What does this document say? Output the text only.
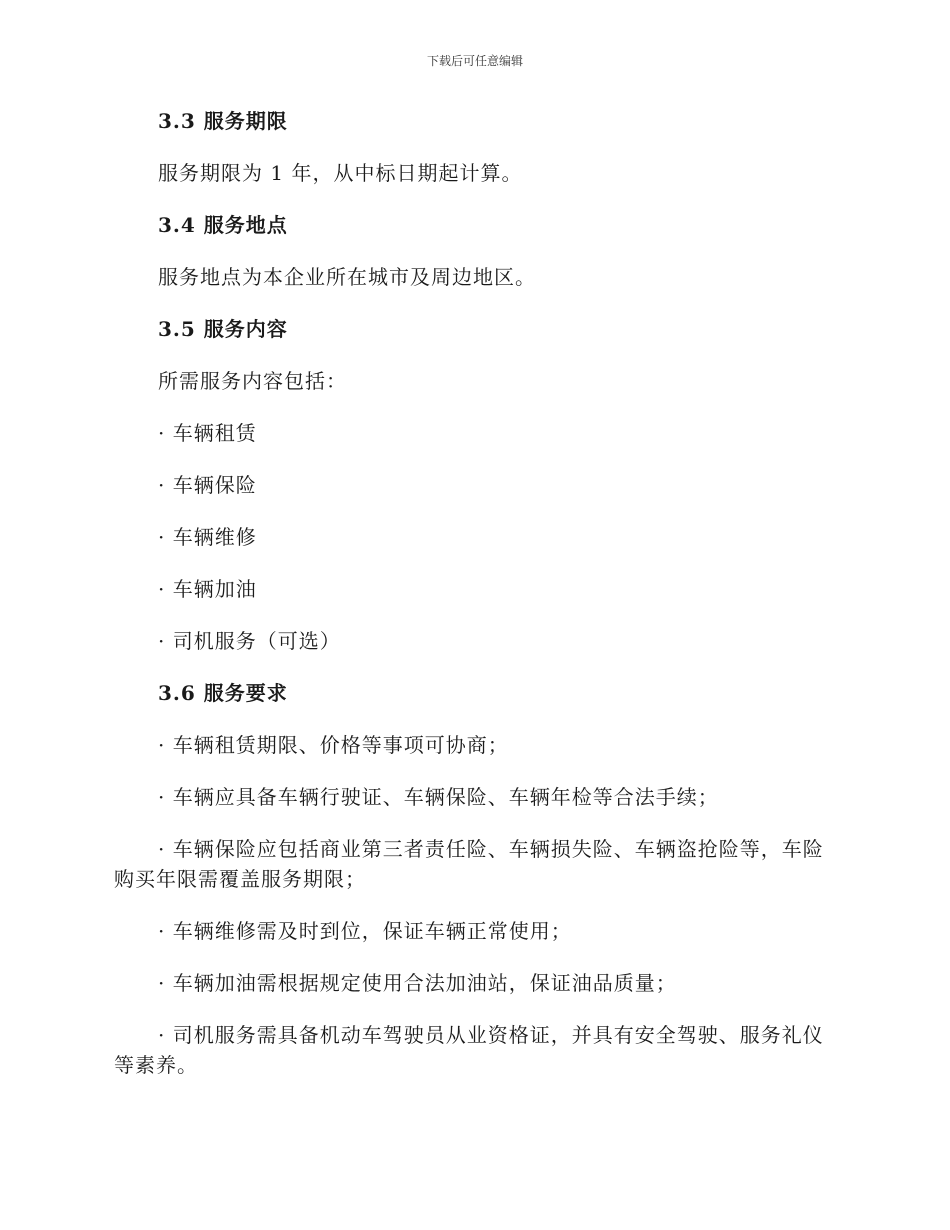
下载后可任意编辑
3.3 服务期限
服务期限为 1 年，从中标日期起计算。
3.4 服务地点
服务地点为本企业所在城市及周边地区。
3.5 服务内容
所需服务内容包括：
· 车辆租赁
· 车辆保险
· 车辆维修
· 车辆加油
· 司机服务（可选）
3.6 服务要求
· 车辆租赁期限、价格等事项可协商；
· 车辆应具备车辆行驶证、车辆保险、车辆年检等合法手续；
· 车辆保险应包括商业第三者责任险、车辆损失险、车辆盗抢险等，车险购买年限需覆盖服务期限；
· 车辆维修需及时到位，保证车辆正常使用；
· 车辆加油需根据规定使用合法加油站，保证油品质量；
· 司机服务需具备机动车驾驶员从业资格证，并具有安全驾驶、服务礼仪等素养。
